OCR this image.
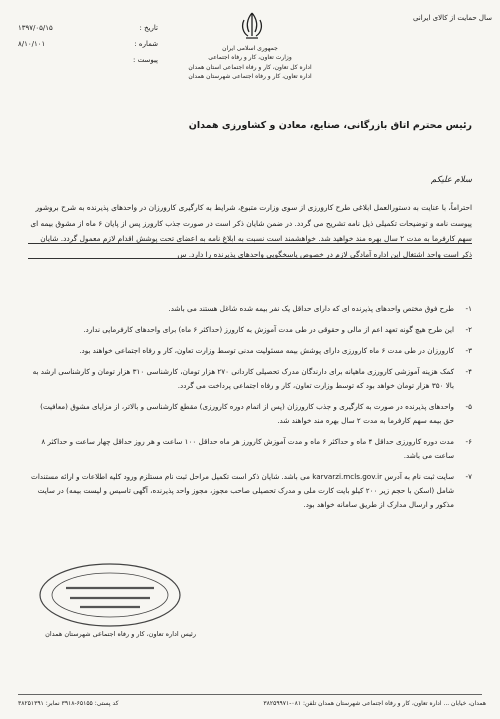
سال حمایت از کالای ایرانی
تاریخ :
۱۳۹۷/۰۵/۱۵
شماره :
۸/۱۰/۱۰۱
پیوست :
جمهوری اسلامی ایران
وزارت تعاون، کار و رفاه اجتماعی
اداره کل تعاون، کار و رفاه اجتماعی استان همدان
اداره تعاون، کار و رفاه اجتماعی شهرستان همدان
رئیس محترم اتاق بازرگانی، صنایع، معادن و کشاورزی همدان
سلام علیکم
احتراماً، با عنایت به دستورالعمل ابلاغی طرح کارورزی از سوی وزارت متبوع، شرایط به کارگیری کارورزان در واحدهای پذیرنده به شرح بروشور پیوست نامه و توضیحات تکمیلی ذیل نامه تشریح می گردد. در ضمن شایان ذکر است در صورت جذب کارورز پس از پایان ۶ ماه از مشوق بیمه ای سهم کارفرما به مدت ۲ سال بهره مند خواهید شد. خواهشمند است نسبت به ابلاغ نامه به اعضای تحت پوشش اقدام لازم معمول گردد. شایان ذکر است واحد اشتغال این اداره آمادگی لازم در خصوص پاسخگویی واحدهای پذیرنده را دارد. س
۱-
طرح فوق مختص واحدهای پذیرنده ای که دارای حداقل یک نفر بیمه شده شاغل هستند می باشد.
۲-
این طرح هیچ گونه تعهد اعم از مالی و حقوقی در طی مدت آموزش به کارورز (حداکثر ۶ ماه) برای واحدهای کارفرمایی ندارد.
۳-
کارورزان در طی مدت ۶ ماه کارورزی دارای پوشش بیمه مسئولیت مدنی توسط وزارت تعاون، کار و رفاه اجتماعی خواهند بود.
۴-
کمک هزینه آموزشی کارورزی ماهیانه برای دارندگان مدرک تحصیلی کاردانی ۲۷۰ هزار تومان، کارشناسی ۳۱۰ هزار تومان و کارشناسی ارشد به بالا ۳۵۰ هزار تومان خواهد بود که توسط وزارت تعاون، کار و رفاه اجتماعی پرداخت می گردد.
۵-
واحدهای پذیرنده در صورت به کارگیری و جذب کارورزان (پس از اتمام دوره کارورزی) مقطع کارشناسی و بالاتر، از مزایای مشوق (معافیت) حق بیمه سهم کارفرما به مدت ۲ سال بهره مند خواهند شد.
۶-
مدت دوره کارورزی حداقل ۴ ماه و حداکثر ۶ ماه و مدت آموزش کارورز هر ماه حداقل ۱۰۰ ساعت و هر روز حداقل چهار ساعت و حداکثر ۸ ساعت می باشد.
۷-
سایت ثبت نام به آدرس karvarzi.mcls.gov.ir می باشد. شایان ذکر است تکمیل مراحل ثبت نام مستلزم ورود کلیه اطلاعات و ارائه مستندات شامل (اسکن با حجم زیر ۲۰۰ کیلو بایت کارت ملی و مدرک تحصیلی صاحب مجوز، مجوز واحد پذیرنده، آگهی تاسیس و لیست بیمه) در سایت مذکور و ارسال مدارک از طریق سامانه خواهد بود.
رئیس اداره تعاون، کار و رفاه اجتماعی شهرستان همدان
همدان، خیابان ... اداره تعاون، کار و رفاه اجتماعی شهرستان همدان تلفن: ۰۸۱-۳۸۲۵۹۹۷۱
کد پستی: ۶۵۱۵۵-۳۹۱۸ نمابر: ۳۸۲۵۱۳۹۱
